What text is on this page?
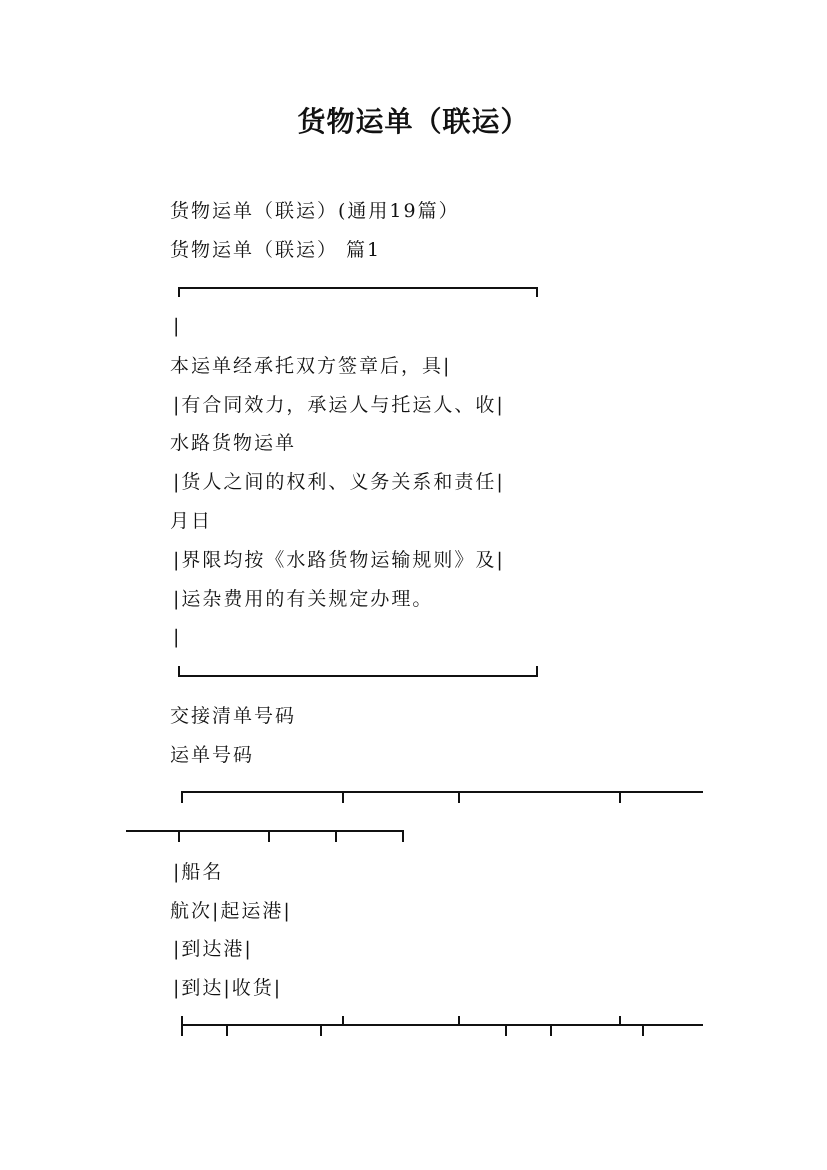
货物运单（联运）
货物运单（联运）(通用19篇）
货物运单（联运） 篇1
|
本运单经承托双方签章后，具|
|有合同效力，承运人与托运人、收|
水路货物运单
|货人之间的权利、义务关系和责任|
月日
|界限均按《水路货物运输规则》及|
|运杂费用的有关规定办理。
|
交接清单号码
运单号码
|船名
航次|起运港|
|到达港|
|到达|收货|
